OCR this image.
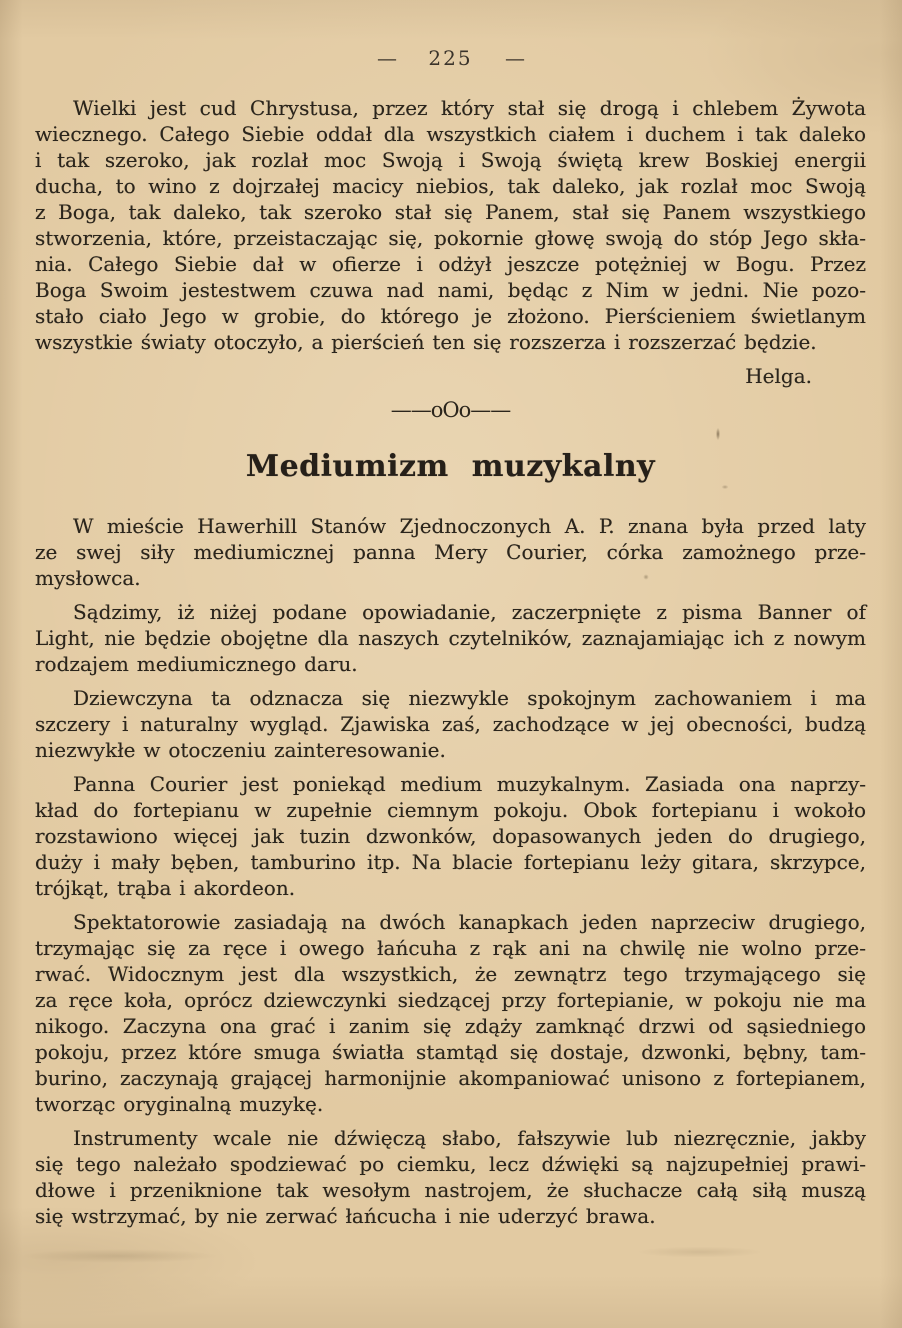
— 225 —
Wielki jest cud Chrystusa, przez który stał się drogą i chlebem Żywota
wiecznego. Całego Siebie oddał dla wszystkich ciałem i duchem i tak daleko
i tak szeroko, jak rozlał moc Swoją i Swoją świętą krew Boskiej energii
ducha, to wino z dojrzałej macicy niebios, tak daleko, jak rozlał moc Swoją
z Boga, tak daleko, tak szeroko stał się Panem, stał się Panem wszystkiego
stworzenia, które, przeistaczając się, pokornie głowę swoją do stóp Jego skła-
nia. Całego Siebie dał w ofierze i odżył jeszcze potężniej w Bogu. Przez
Boga Swoim jestestwem czuwa nad nami, będąc z Nim w jedni. Nie pozo-
stało ciało Jego w grobie, do którego je złożono. Pierścieniem świetlanym
wszystkie światy otoczyło, a pierścień ten się rozszerza i rozszerzać będzie.
Helga.
——oOo——
Mediumizm muzykalny
W mieście Hawerhill Stanów Zjednoczonych A. P. znana była przed laty
ze swej siły mediumicznej panna Mery Courier, córka zamożnego prze-
mysłowca.
Sądzimy, iż niżej podane opowiadanie, zaczerpnięte z pisma Banner of
Light, nie będzie obojętne dla naszych czytelników, zaznajamiając ich z nowym
rodzajem mediumicznego daru.
Dziewczyna ta odznacza się niezwykle spokojnym zachowaniem i ma
szczery i naturalny wygląd. Zjawiska zaś, zachodzące w jej obecności, budzą
niezwykłe w otoczeniu zainteresowanie.
Panna Courier jest poniekąd medium muzykalnym. Zasiada ona naprzy-
kład do fortepianu w zupełnie ciemnym pokoju. Obok fortepianu i wokoło
rozstawiono więcej jak tuzin dzwonków, dopasowanych jeden do drugiego,
duży i mały bęben, tamburino itp. Na blacie fortepianu leży gitara, skrzypce,
trójkąt, trąba i akordeon.
Spektatorowie zasiadają na dwóch kanapkach jeden naprzeciw drugiego,
trzymając się za ręce i owego łańcuha z rąk ani na chwilę nie wolno prze-
rwać. Widocznym jest dla wszystkich, że zewnątrz tego trzymającego się
za ręce koła, oprócz dziewczynki siedzącej przy fortepianie, w pokoju nie ma
nikogo. Zaczyna ona grać i zanim się zdąży zamknąć drzwi od sąsiedniego
pokoju, przez które smuga światła stamtąd się dostaje, dzwonki, bębny, tam-
burino, zaczynają grającej harmonijnie akompaniować unisono z fortepianem,
tworząc oryginalną muzykę.
Instrumenty wcale nie dźwięczą słabo, fałszywie lub niezręcznie, jakby
się tego należało spodziewać po ciemku, lecz dźwięki są najzupełniej prawi-
dłowe i przeniknione tak wesołym nastrojem, że słuchacze całą siłą muszą
się wstrzymać, by nie zerwać łańcucha i nie uderzyć brawa.
